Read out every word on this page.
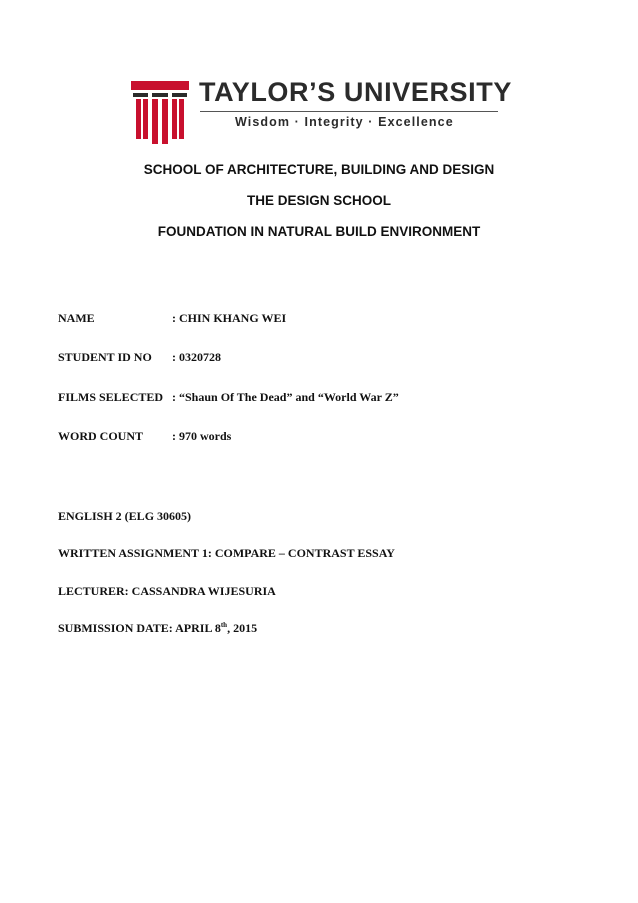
TAYLOR’S UNIVERSITY
Wisdom · Integrity · Excellence
SCHOOL OF ARCHITECTURE, BUILDING AND DESIGN
THE DESIGN SCHOOL
FOUNDATION IN NATURAL BUILD ENVIRONMENT
NAME	: CHIN KHANG WEI
STUDENT ID NO : 0320728
FILMS SELECTED : “Shaun Of The Dead” and “World War Z”
WORD COUNT : 970 words
ENGLISH 2 (ELG 30605)
WRITTEN ASSIGNMENT 1: COMPARE – CONTRAST ESSAY
LECTURER: CASSANDRA WIJESURIA
SUBMISSION DATE: APRIL 8th, 2015
